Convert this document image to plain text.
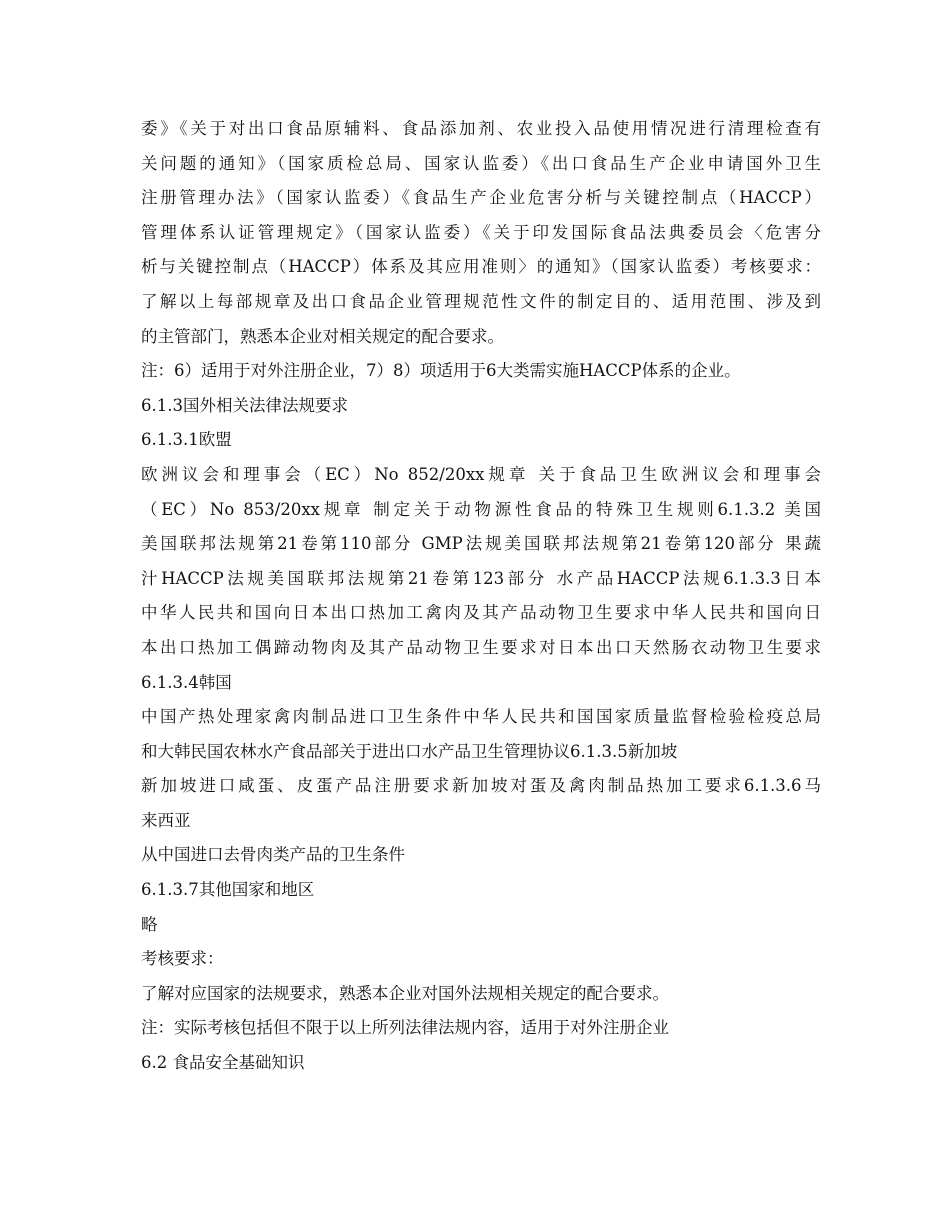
委》《关于对出口食品原辅料、食品添加剂、农业投入品使用情况进行清理检查有
关问题的通知》（国家质检总局、国家认监委）《出口食品生产企业申请国外卫生
注册管理办法》（国家认监委）《食品生产企业危害分析与关键控制点（HACCP）
管理体系认证管理规定》（国家认监委）《关于印发国际食品法典委员会〈危害分
析与关键控制点（HACCP）体系及其应用准则〉的通知》（国家认监委）考核要求：
了解以上每部规章及出口食品企业管理规范性文件的制定目的、适用范围、涉及到
的主管部门，熟悉本企业对相关规定的配合要求。
注：6）适用于对外注册企业，7）8）项适用于6大类需实施HACCP体系的企业。
6.1.3国外相关法律法规要求
6.1.3.1欧盟
欧洲议会和理事会（EC）No 852/20xx规章 关于食品卫生欧洲议会和理事会
（EC）No 853/20xx规章 制定关于动物源性食品的特殊卫生规则6.1.3.2 美国
美国联邦法规第21卷第110部分 GMP法规美国联邦法规第21卷第120部分 果蔬
汁HACCP法规美国联邦法规第21卷第123部分 水产品HACCP法规6.1.3.3日本
中华人民共和国向日本出口热加工禽肉及其产品动物卫生要求中华人民共和国向日
本出口热加工偶蹄动物肉及其产品动物卫生要求对日本出口天然肠衣动物卫生要求
6.1.3.4韩国
中国产热处理家禽肉制品进口卫生条件中华人民共和国国家质量监督检验检疫总局
和大韩民国农林水产食品部关于进出口水产品卫生管理协议6.1.3.5新加坡
新加坡进口咸蛋、皮蛋产品注册要求新加坡对蛋及禽肉制品热加工要求6.1.3.6马
来西亚
从中国进口去骨肉类产品的卫生条件
6.1.3.7其他国家和地区
略
考核要求：
了解对应国家的法规要求，熟悉本企业对国外法规相关规定的配合要求。
注：实际考核包括但不限于以上所列法律法规内容，适用于对外注册企业
6.2 食品安全基础知识
